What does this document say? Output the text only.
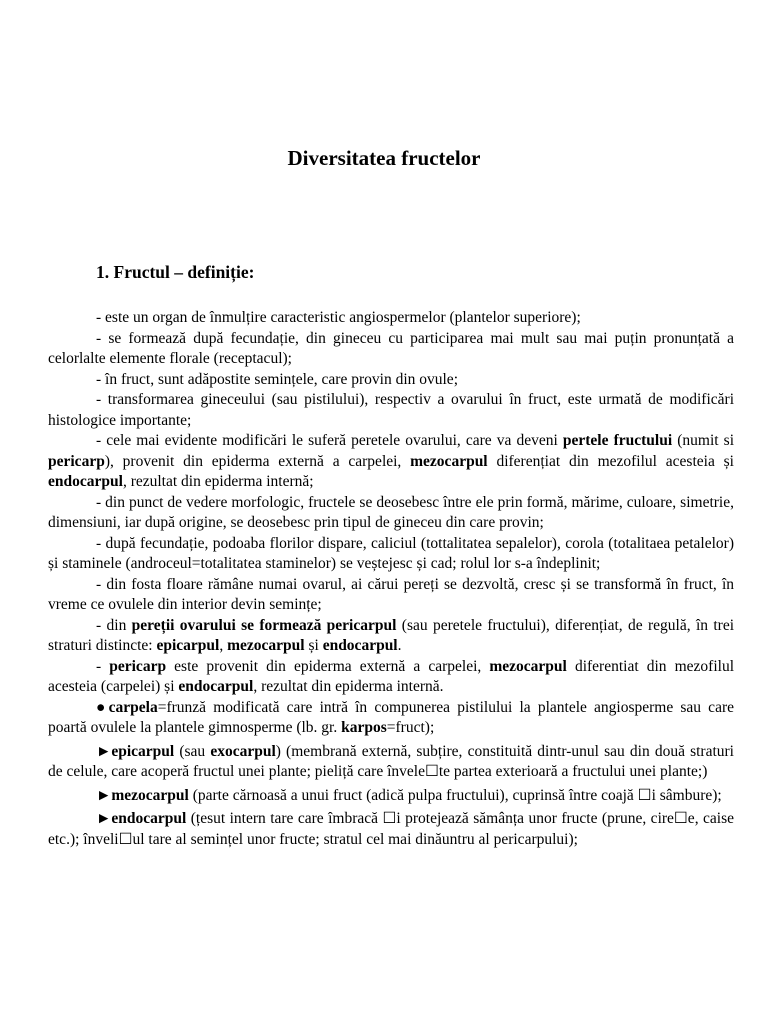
Diversitatea fructelor
1. Fructul – definiție:

- este un organ de înmulțire caracteristic angiospermelor (plantelor superiore);

- se formează după fecundație, din gineceu cu participarea mai mult sau mai puțin pronunțată a celorlalte elemente florale (receptacul);

- în fruct, sunt adăpostite semințele, care provin din ovule;

- transformarea gineceului (sau pistilului), respectiv a ovarului în fruct, este urmată de modificări histologice importante;

- cele mai evidente modificări le suferă peretele ovarului, care va deveni pertele fructului (numit si pericarp), provenit din epiderma externă a carpelei, mezocarpul diferențiat din mezofilul acesteia și endocarpul, rezultat din epiderma internă;

- din punct de vedere morfologic, fructele se deosebesc între ele prin formă, mărime, culoare, simetrie, dimensiuni, iar după origine, se deosebesc prin tipul de gineceu din care provin;

- după fecundație, podoaba florilor dispare, caliciul (tottalitatea sepalelor), corola (totalitaea petalelor) și staminele (androceul=totalitatea staminelor) se veștejesc și cad; rolul lor s-a îndeplinit;

- din fosta floare rămâne numai ovarul, ai cărui pereți se dezvoltă, cresc și se transformă în fruct, în vreme ce ovulele din interior devin semințe;

- din pereții ovarului se formează pericarpul (sau peretele fructului), diferențiat, de regulă, în trei straturi distincte: epicarpul, mezocarpul și endocarpul.

- pericarp este provenit din epiderma externă a carpelei, mezocarpul diferentiat din mezofilul acesteia (carpelei) și endocarpul, rezultat din epiderma internă.

●carpela=frunză modificată care intră în compunerea pistilului la plantele angiosperme sau care poartă ovulele la plantele gimnosperme (lb. gr. karpos=fruct);

►epicarpul (sau exocarpul) (membrană externă, subțire, constituită dintr-unul sau din două straturi de celule, care acoperă fructul unei plante; pieliță care învele☐te partea exterioară a fructului unei plante;)

►mezocarpul (parte cărnoasă a unui fruct (adică pulpa fructului), cuprinsă între coajă ☐i sâmbure);

►endocarpul (țesut intern tare care îmbracă ☐i protejează sămânța unor fructe (prune, cire☐e, caise etc.); înveli☐ul tare al semințel unor fructe; stratul cel mai dinăuntru al pericarpului);
